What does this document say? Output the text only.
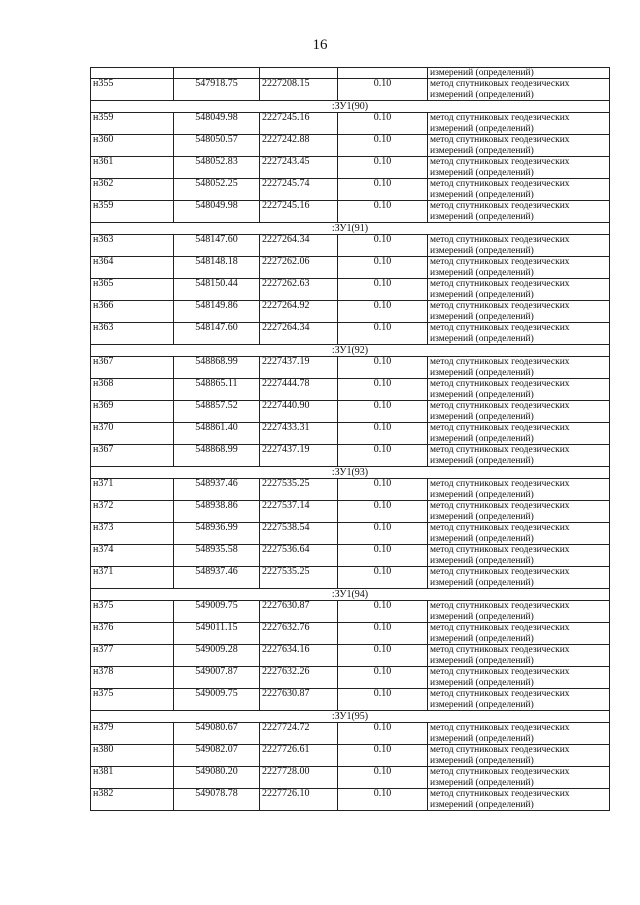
16

				измерений (определений)

н355	547918.75	2227208.15	0.10	метод спутниковых геодезических
измерений (определений)

:ЗУ1(90)				
н359	548049.98	2227245.16	0.10	метод спутниковых геодезических
измерений (определений)

н360	548050.57	2227242.88	0.10	метод спутниковых геодезических
измерений (определений)

н361	548052.83	2227243.45	0.10	метод спутниковых геодезических
измерений (определений)

н362	548052.25	2227245.74	0.10	метод спутниковых геодезических
измерений (определений)

н359	548049.98	2227245.16	0.10	метод спутниковых геодезических
измерений (определений)

:ЗУ1(91)				
н363	548147.60	2227264.34	0.10	метод спутниковых геодезических
измерений (определений)

н364	548148.18	2227262.06	0.10	метод спутниковых геодезических
измерений (определений)

н365	548150.44	2227262.63	0.10	метод спутниковых геодезических
измерений (определений)

н366	548149.86	2227264.92	0.10	метод спутниковых геодезических
измерений (определений)

н363	548147.60	2227264.34	0.10	метод спутниковых геодезических
измерений (определений)

:ЗУ1(92)				
н367	548868.99	2227437.19	0.10	метод спутниковых геодезических
измерений (определений)

н368	548865.11	2227444.78	0.10	метод спутниковых геодезических
измерений (определений)

н369	548857.52	2227440.90	0.10	метод спутниковых геодезических
измерений (определений)

н370	548861.40	2227433.31	0.10	метод спутниковых геодезических
измерений (определений)

н367	548868.99	2227437.19	0.10	метод спутниковых геодезических
измерений (определений)

:ЗУ1(93)				
н371	548937.46	2227535.25	0.10	метод спутниковых геодезических
измерений (определений)

н372	548938.86	2227537.14	0.10	метод спутниковых геодезических
измерений (определений)

н373	548936.99	2227538.54	0.10	метод спутниковых геодезических
измерений (определений)

н374	548935.58	2227536.64	0.10	метод спутниковых геодезических
измерений (определений)

н371	548937.46	2227535.25	0.10	метод спутниковых геодезических
измерений (определений)

:ЗУ1(94)				
н375	549009.75	2227630.87	0.10	метод спутниковых геодезических
измерений (определений)

н376	549011.15	2227632.76	0.10	метод спутниковых геодезических
измерений (определений)

н377	549009.28	2227634.16	0.10	метод спутниковых геодезических
измерений (определений)

н378	549007.87	2227632.26	0.10	метод спутниковых геодезических
измерений (определений)

н375	549009.75	2227630.87	0.10	метод спутниковых геодезических
измерений (определений)

:ЗУ1(95)				
н379	549080.67	2227724.72	0.10	метод спутниковых геодезических
измерений (определений)

н380	549082.07	2227726.61	0.10	метод спутниковых геодезических
измерений (определений)

н381	549080.20	2227728.00	0.10	метод спутниковых геодезических
измерений (определений)

н382	549078.78	2227726.10	0.10	метод спутниковых геодезических
измерений (определений)
